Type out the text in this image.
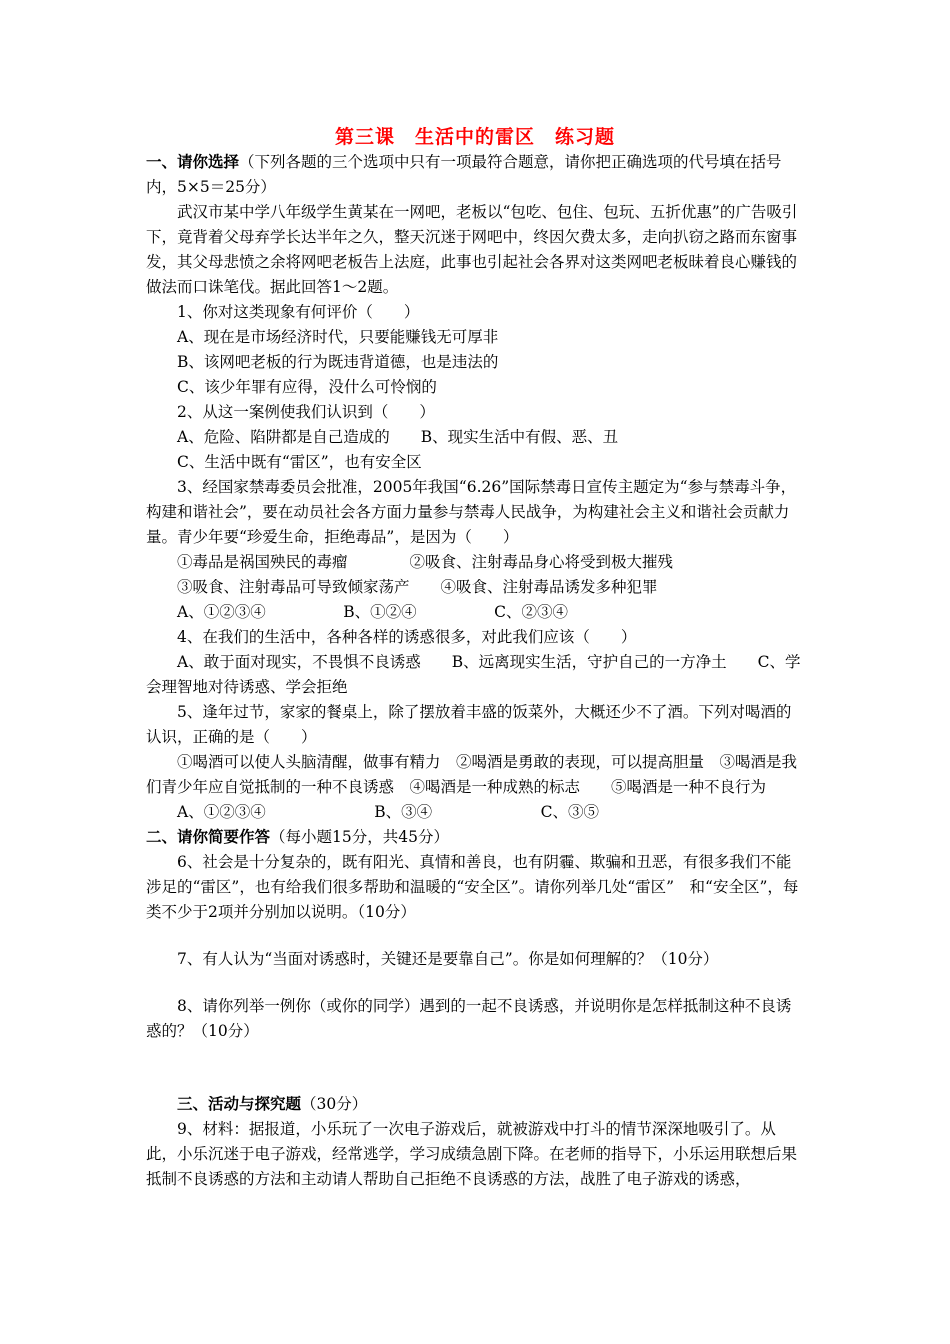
第三课　生活中的雷区　练习题

一、请你选择（下列各题的三个选项中只有一项最符合题意，请你把正确选项的代号填在括号内，5×5＝25分）

武汉市某中学八年级学生黄某在一网吧，老板以“包吃、包住、包玩、五折优惠”的广告吸引下，竟背着父母弃学长达半年之久，整天沉迷于网吧中，终因欠费太多，走向扒窃之路而东窗事发，其父母悲愤之余将网吧老板告上法庭，此事也引起社会各界对这类网吧老板昧着良心赚钱的做法而口诛笔伐。据此回答1～2题。

1、你对这类现象有何评价（　　）

A、现在是市场经济时代，只要能赚钱无可厚非

B、该网吧老板的行为既违背道德，也是违法的

C、该少年罪有应得，没什么可怜悯的

2、从这一案例使我们认识到（　　）

A、危险、陷阱都是自己造成的　　B、现实生活中有假、恶、丑

C、生活中既有“雷区”，也有安全区

3、经国家禁毒委员会批准，2005年我国“6.26”国际禁毒日宣传主题定为“参与禁毒斗争，构建和谐社会”，要在动员社会各方面力量参与禁毒人民战争，为构建社会主义和谐社会贡献力量。青少年要“珍爱生命，拒绝毒品”，是因为（　　）

①毒品是祸国殃民的毒瘤　　　　②吸食、注射毒品身心将受到极大摧残

③吸食、注射毒品可导致倾家荡产　　④吸食、注射毒品诱发多种犯罪

A、①②③④　　　　　B、①②④　　　　　C、②③④

4、在我们的生活中，各种各样的诱惑很多，对此我们应该（　　）

A、敢于面对现实，不畏惧不良诱惑　　B、远离现实生活，守护自己的一方净土　　C、学会理智地对待诱惑、学会拒绝

5、逢年过节，家家的餐桌上，除了摆放着丰盛的饭菜外，大概还少不了酒。下列对喝酒的认识，正确的是（　　）

①喝酒可以使人头脑清醒，做事有精力　②喝酒是勇敢的表现，可以提高胆量　③喝酒是我们青少年应自觉抵制的一种不良诱惑　④喝酒是一种成熟的标志　　⑤喝酒是一种不良行为

A、①②③④　　　　　　　B、③④　　　　　　　C、③⑤

二、请你简要作答（每小题15分，共45分）

6、社会是十分复杂的，既有阳光、真情和善良，也有阴霾、欺骗和丑恶，有很多我们不能涉足的“雷区”，也有给我们很多帮助和温暖的“安全区”。请你列举几处“雷区”　和“安全区”，每类不少于2项并分别加以说明。（10分）

7、有人认为“当面对诱惑时，关键还是要靠自己”。你是如何理解的？（10分）

8、请你列举一例你（或你的同学）遇到的一起不良诱惑，并说明你是怎样抵制这种不良诱惑的？（10分）

三、活动与探究题（30分）

9、材料：据报道，小乐玩了一次电子游戏后，就被游戏中打斗的情节深深地吸引了。从此，小乐沉迷于电子游戏，经常逃学，学习成绩急剧下降。在老师的指导下，小乐运用联想后果抵制不良诱惑的方法和主动请人帮助自己拒绝不良诱惑的方法，战胜了电子游戏的诱惑，
